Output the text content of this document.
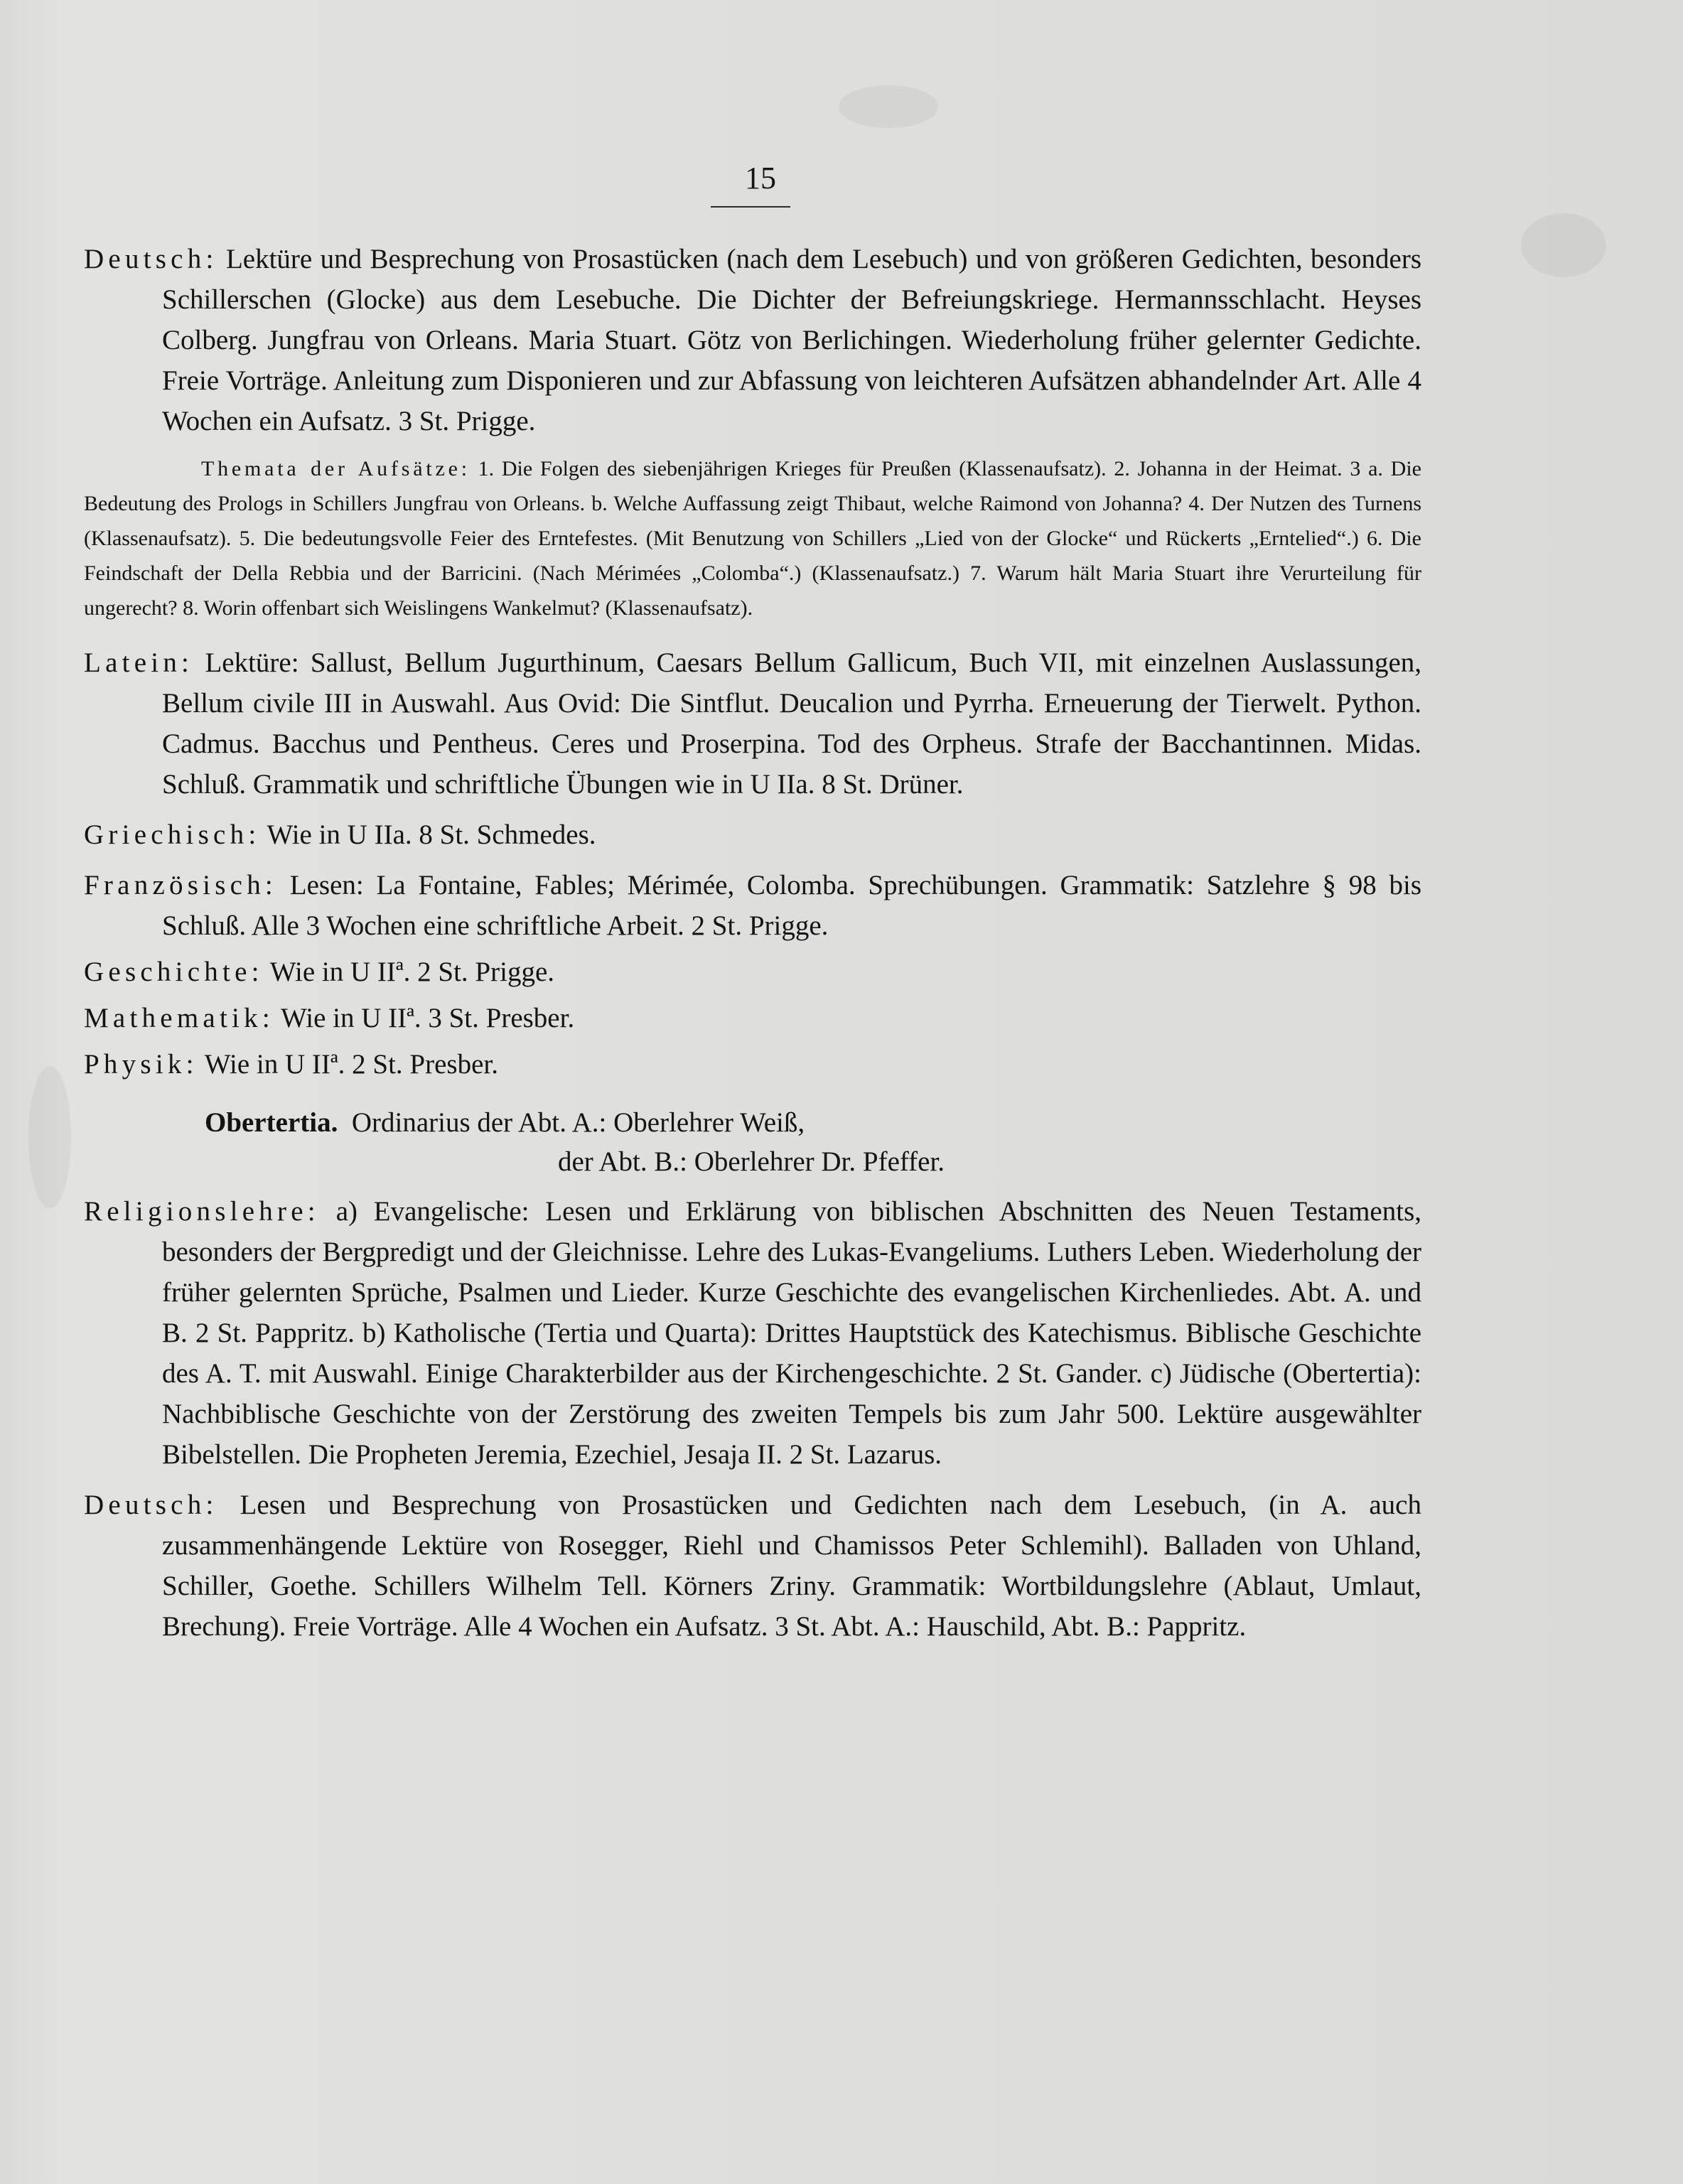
15

Deutsch: Lektüre und Besprechung von Prosastücken (nach dem Lesebuch) und von größeren Gedichten, besonders Schillerschen (Glocke) aus dem Lesebuche. Die Dichter der Befreiungskriege. Hermannsschlacht. Heyses Colberg. Jungfrau von Orleans. Maria Stuart. Götz von Berlichingen. Wiederholung früher gelernter Gedichte. Freie Vorträge. Anleitung zum Disponieren und zur Abfassung von leichteren Aufsätzen abhandelnder Art. Alle 4 Wochen ein Aufsatz. 3 St. Prigge.

Themata der Aufsätze: 1. Die Folgen des siebenjährigen Krieges für Preußen (Klassenaufsatz). 2. Johanna in der Heimat. 3 a. Die Bedeutung des Prologs in Schillers Jungfrau von Orleans. b. Welche Auffassung zeigt Thibaut, welche Raimond von Johanna? 4. Der Nutzen des Turnens (Klassenaufsatz). 5. Die bedeutungsvolle Feier des Erntefestes. (Mit Benutzung von Schillers „Lied von der Glocke“ und Rückerts „Erntelied“.) 6. Die Feindschaft der Della Rebbia und der Barricini. (Nach Mérimées „Colomba“.) (Klassenaufsatz.) 7. Warum hält Maria Stuart ihre Verurteilung für ungerecht? 8. Worin offenbart sich Weislingens Wankelmut? (Klassenaufsatz).

Latein: Lektüre: Sallust, Bellum Jugurthinum, Caesars Bellum Gallicum, Buch VII, mit einzelnen Auslassungen, Bellum civile III in Auswahl. Aus Ovid: Die Sintflut. Deucalion und Pyrrha. Erneuerung der Tierwelt. Python. Cadmus. Bacchus und Pentheus. Ceres und Proserpina. Tod des Orpheus. Strafe der Bacchantinnen. Midas. Schluß. Grammatik und schriftliche Übungen wie in U IIa. 8 St. Drüner.

Griechisch: Wie in U IIa. 8 St. Schmedes.

Französisch: Lesen: La Fontaine, Fables; Mérimée, Colomba. Sprechübungen. Grammatik: Satzlehre § 98 bis Schluß. Alle 3 Wochen eine schriftliche Arbeit. 2 St. Prigge.

Geschichte: Wie in U IIª. 2 St. Prigge.

Mathematik: Wie in U IIª. 3 St. Presber.

Physik: Wie in U IIª. 2 St. Presber.

Obertertia. Ordinarius der Abt. A.: Oberlehrer Weiß,
der Abt. B.: Oberlehrer Dr. Pfeffer.

Religionslehre: a) Evangelische: Lesen und Erklärung von biblischen Abschnitten des Neuen Testaments, besonders der Bergpredigt und der Gleichnisse. Lehre des Lukas-Evangeliums. Luthers Leben. Wiederholung der früher gelernten Sprüche, Psalmen und Lieder. Kurze Geschichte des evangelischen Kirchenliedes. Abt. A. und B. 2 St. Pappritz. b) Katholische (Tertia und Quarta): Drittes Hauptstück des Katechismus. Biblische Geschichte des A. T. mit Auswahl. Einige Charakterbilder aus der Kirchengeschichte. 2 St. Gander. c) Jüdische (Obertertia): Nachbiblische Geschichte von der Zerstörung des zweiten Tempels bis zum Jahr 500. Lektüre ausgewählter Bibelstellen. Die Propheten Jeremia, Ezechiel, Jesaja II. 2 St. Lazarus.

Deutsch: Lesen und Besprechung von Prosastücken und Gedichten nach dem Lesebuch, (in A. auch zusammenhängende Lektüre von Rosegger, Riehl und Chamissos Peter Schlemihl). Balladen von Uhland, Schiller, Goethe. Schillers Wilhelm Tell. Körners Zriny. Grammatik: Wortbildungslehre (Ablaut, Umlaut, Brechung). Freie Vorträge. Alle 4 Wochen ein Aufsatz. 3 St. Abt. A.: Hauschild, Abt. B.: Pappritz.
